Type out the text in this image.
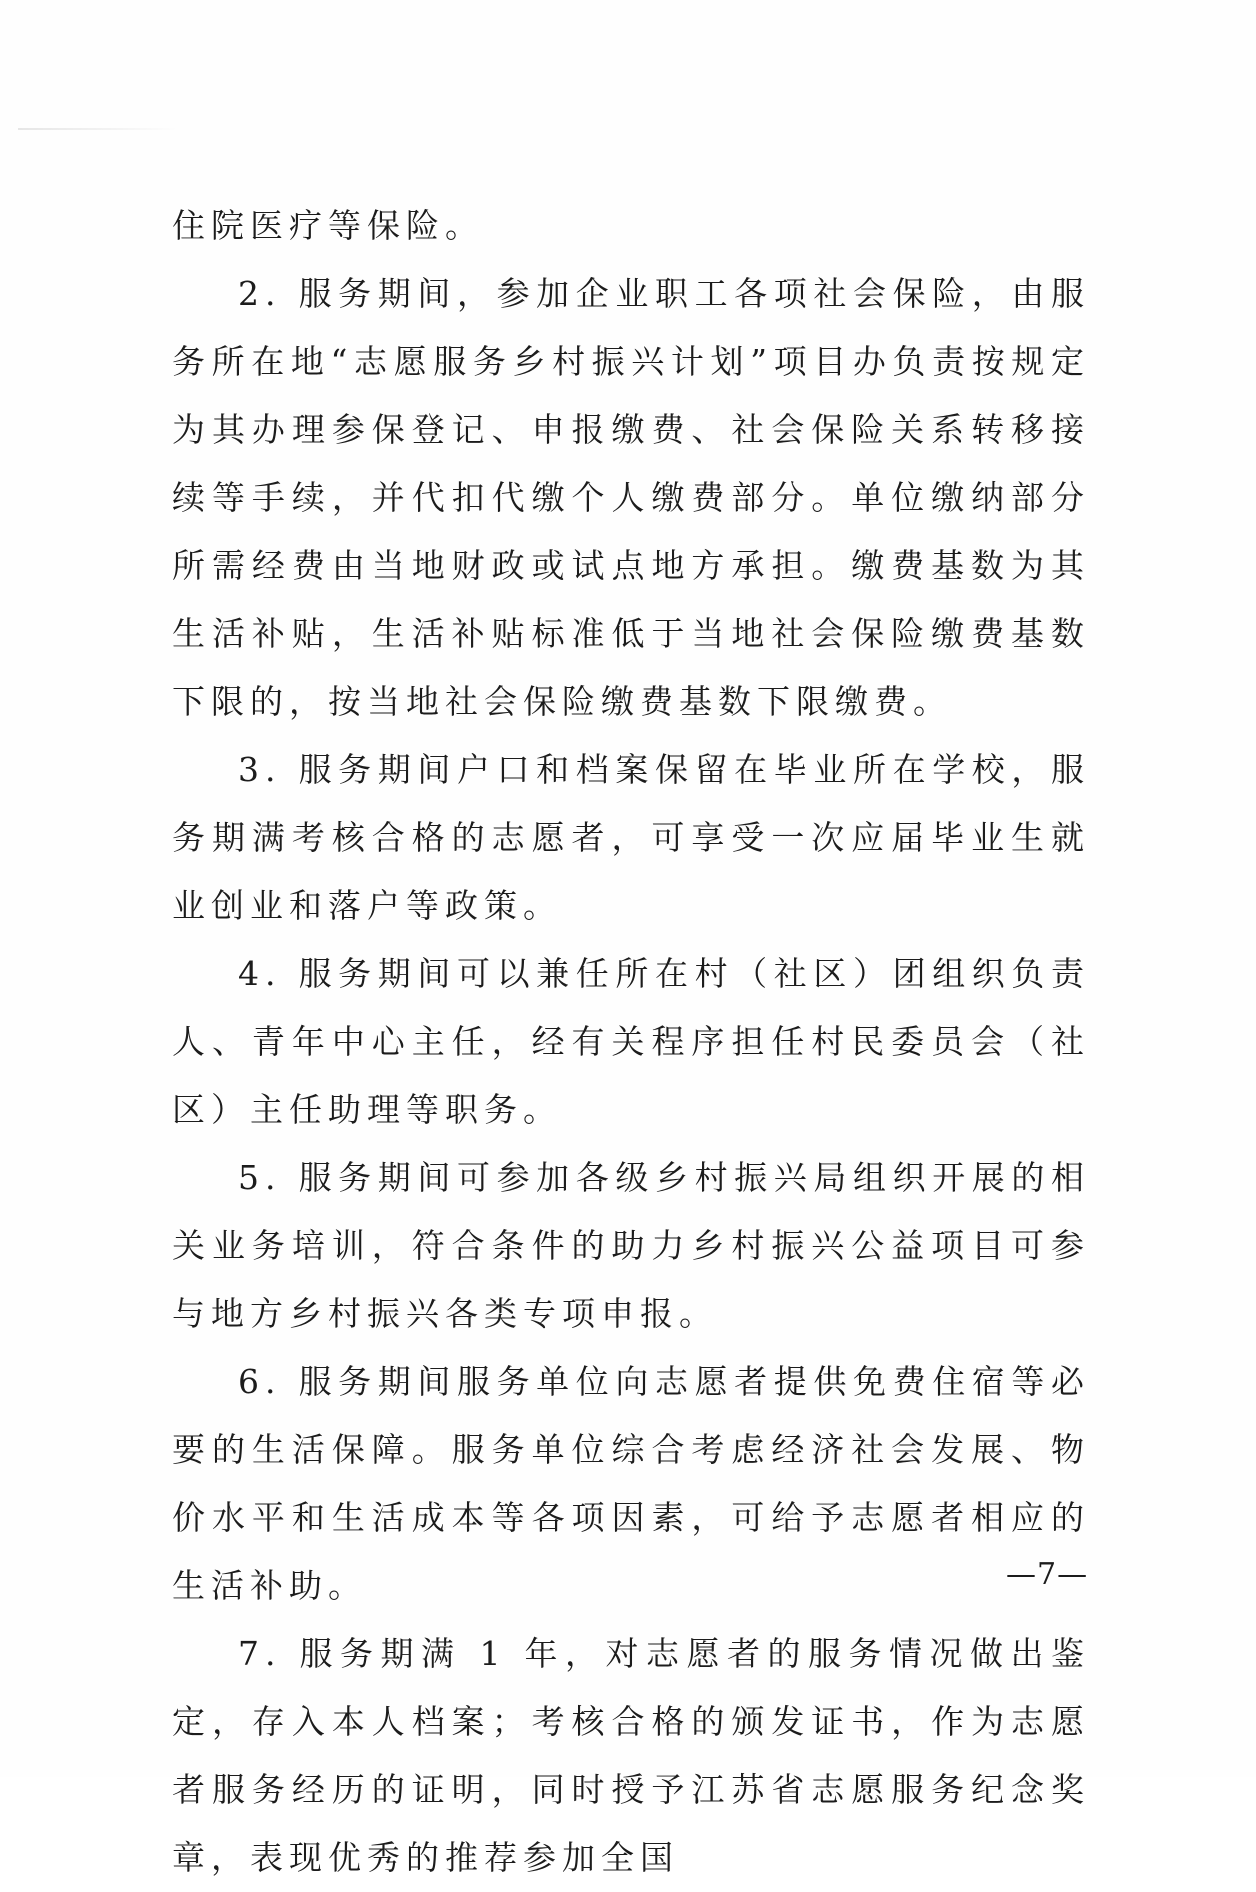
住院医疗等保险。

2. 服务期间，参加企业职工各项社会保险，由服务所在地“志愿服务乡村振兴计划”项目办负责按规定为其办理参保登记、申报缴费、社会保险关系转移接续等手续，并代扣代缴个人缴费部分。单位缴纳部分所需经费由当地财政或试点地方承担。缴费基数为其生活补贴，生活补贴标准低于当地社会保险缴费基数下限的，按当地社会保险缴费基数下限缴费。

3. 服务期间户口和档案保留在毕业所在学校，服务期满考核合格的志愿者，可享受一次应届毕业生就业创业和落户等政策。

4. 服务期间可以兼任所在村（社区）团组织负责人、青年中心主任，经有关程序担任村民委员会（社区）主任助理等职务。

5. 服务期间可参加各级乡村振兴局组织开展的相关业务培训，符合条件的助力乡村振兴公益项目可参与地方乡村振兴各类专项申报。

6. 服务期间服务单位向志愿者提供免费住宿等必要的生活保障。服务单位综合考虑经济社会发展、物价水平和生活成本等各项因素，可给予志愿者相应的生活补助。

7. 服务期满 1 年，对志愿者的服务情况做出鉴定，存入本人档案；考核合格的颁发证书，作为志愿者服务经历的证明，同时授予江苏省志愿服务纪念奖章，表现优秀的推荐参加全国

—7—
